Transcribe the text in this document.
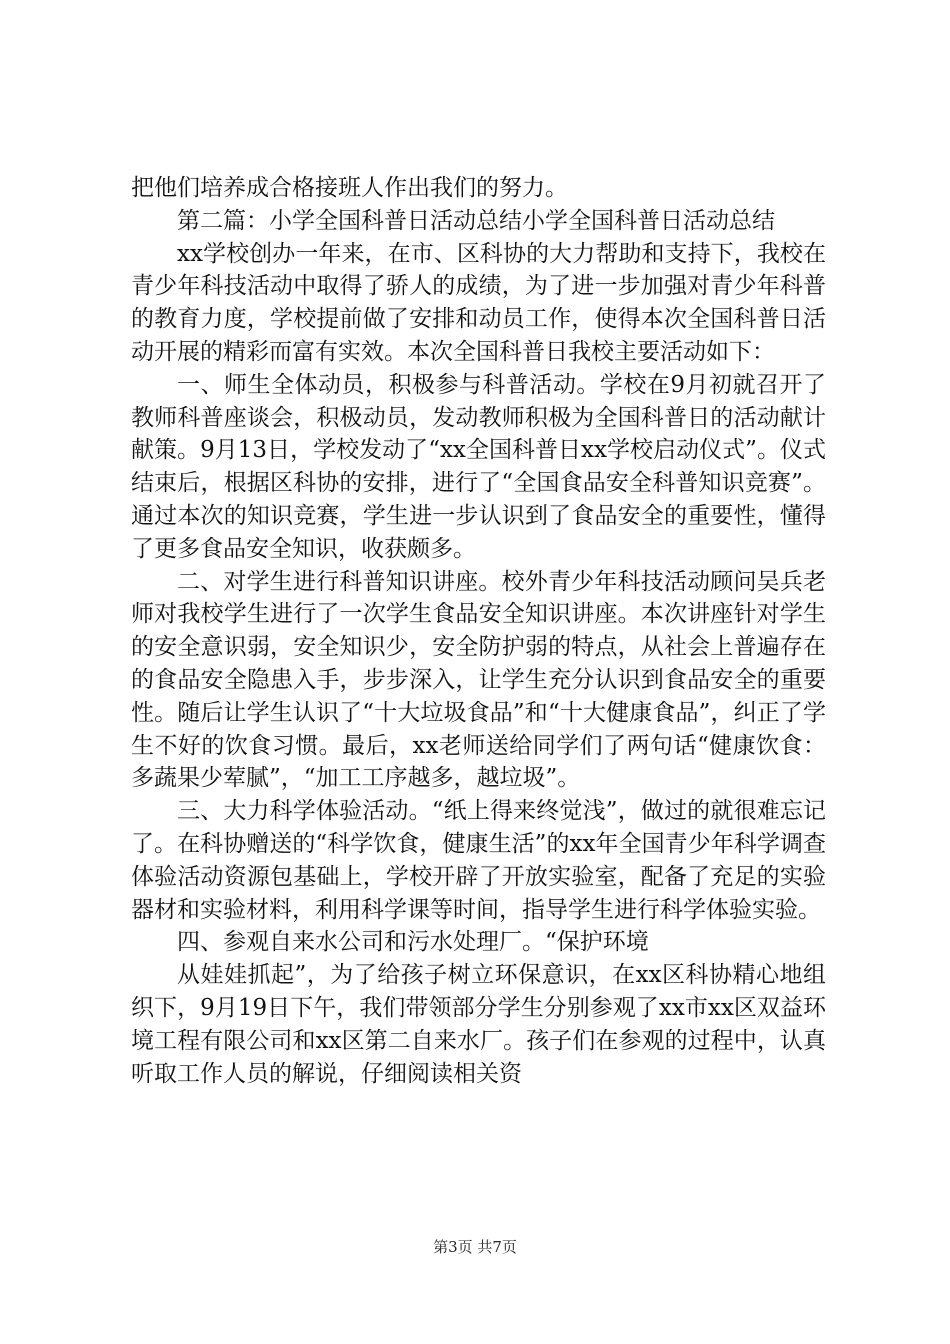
把他们培养成合格接班人作出我们的努力。

第二篇：小学全国科普日活动总结小学全国科普日活动总结

xx学校创办一年来，在市、区科协的大力帮助和支持下，我校在青少年科技活动中取得了骄人的成绩，为了进一步加强对青少年科普的教育力度，学校提前做了安排和动员工作，使得本次全国科普日活动开展的精彩而富有实效。本次全国科普日我校主要活动如下：

一、师生全体动员，积极参与科普活动。学校在9月初就召开了教师科普座谈会，积极动员，发动教师积极为全国科普日的活动献计献策。9月13日，学校发动了“xx全国科普日xx学校启动仪式”。仪式结束后，根据区科协的安排，进行了“全国食品安全科普知识竞赛”。通过本次的知识竞赛，学生进一步认识到了食品安全的重要性，懂得了更多食品安全知识，收获颇多。

二、对学生进行科普知识讲座。校外青少年科技活动顾问吴兵老师对我校学生进行了一次学生食品安全知识讲座。本次讲座针对学生的安全意识弱，安全知识少，安全防护弱的特点，从社会上普遍存在的食品安全隐患入手，步步深入，让学生充分认识到食品安全的重要性。随后让学生认识了“十大垃圾食品”和“十大健康食品”，纠正了学生不好的饮食习惯。最后，xx老师送给同学们了两句话“健康饮食：多蔬果少荤腻”，“加工工序越多，越垃圾”。

三、大力科学体验活动。“纸上得来终觉浅”，做过的就很难忘记了。在科协赠送的“科学饮食，健康生活”的xx年全国青少年科学调查体验活动资源包基础上，学校开辟了开放实验室，配备了充足的实验器材和实验材料，利用科学课等时间，指导学生进行科学体验实验。

四、参观自来水公司和污水处理厂。“保护环境

从娃娃抓起”，为了给孩子树立环保意识，在xx区科协精心地组织下，9月19日下午，我们带领部分学生分别参观了xx市xx区双益环境工程有限公司和xx区第二自来水厂。孩子们在参观的过程中，认真听取工作人员的解说，仔细阅读相关资

第3页 共7页
